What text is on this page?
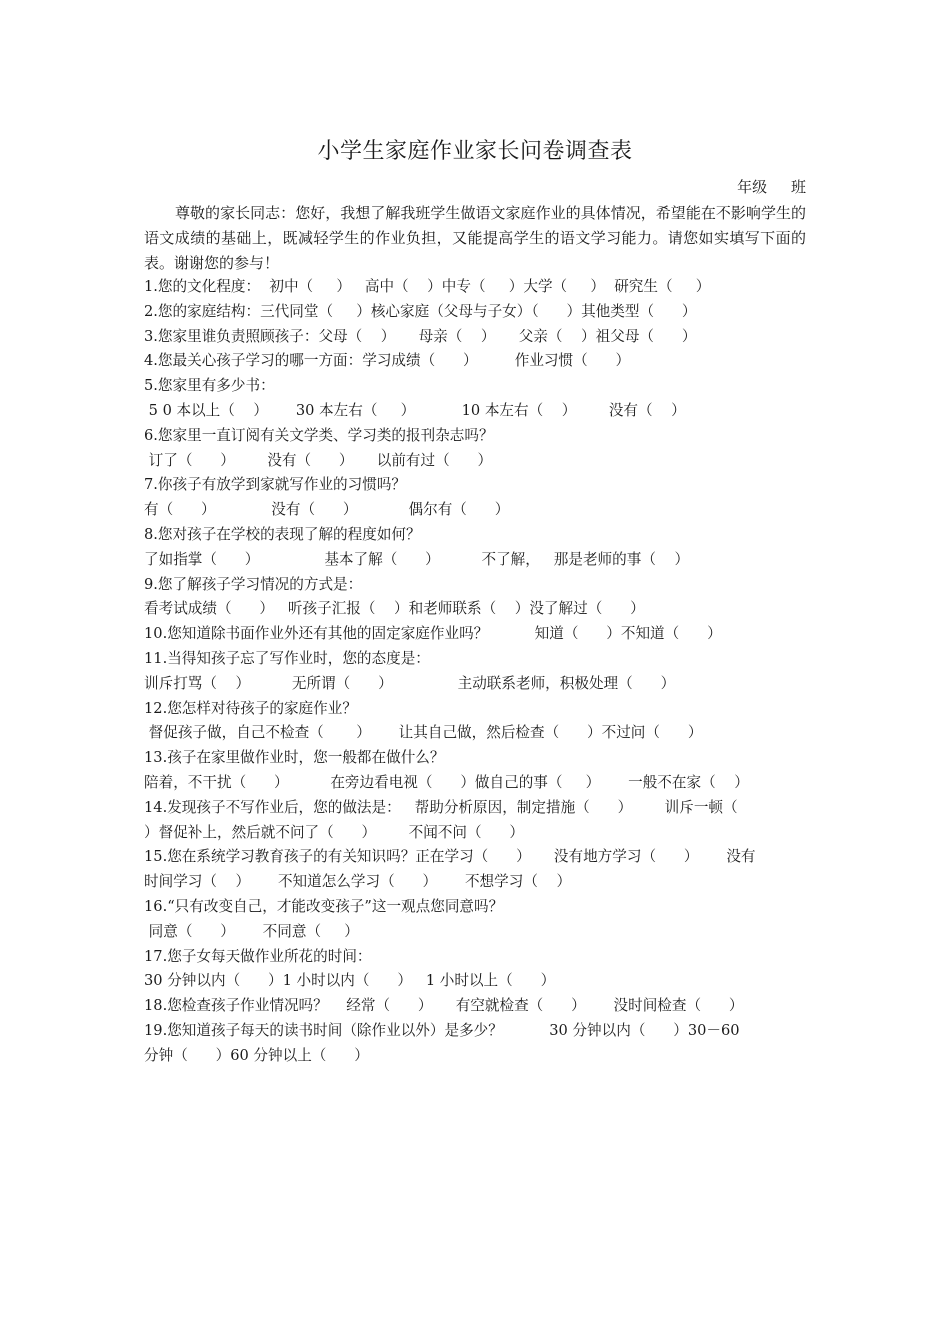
小学生家庭作业家长问卷调查表
年级     班
尊敬的家长同志：您好，我想了解我班学生做语文家庭作业的具体情况，希望能在不影响学生的语文成绩的基础上，既减轻学生的作业负担，又能提高学生的语文学习能力。请您如实填写下面的表。谢谢您的参与！
1.您的文化程度：  初中（     ）   高中（    ）中专（     ）大学（     ）  研究生（     ）
2.您的家庭结构：三代同堂（     ）核心家庭（父母与子女）（      ）其他类型（      ）
3.您家里谁负责照顾孩子：父母（    ）     母亲（    ）     父亲（    ）祖父母（      ）
4.您最关心孩子学习的哪一方面：学习成绩（      ）        作业习惯（      ）
5.您家里有多少书：
5 0 本以上（    ）      30 本左右（     ）          10 本左右（    ）       没有（    ）
6.您家里一直订阅有关文学类、学习类的报刊杂志吗？
订了（      ）       没有（      ）     以前有过（      ）
7.你孩子有放学到家就写作业的习惯吗？
有（      ）            没有（      ）           偶尔有（      ）
8.您对孩子在学校的表现了解的程度如何？
了如指掌（      ）              基本了解（      ）         不了解，   那是老师的事（    ）
9.您了解孩子学习情况的方式是：
看考试成绩（      ）   听孩子汇报（    ）和老师联系（    ）没了解过（      ）
10.您知道除书面作业外还有其他的固定家庭作业吗？          知道（      ）不知道（      ）
11.当得知孩子忘了写作业时，您的态度是：
训斥打骂（    ）         无所谓（      ）              主动联系老师，积极处理（      ）
12.您怎样对待孩子的家庭作业？
督促孩子做，自己不检查（       ）      让其自己做，然后检查（      ）不过问（      ）
13.孩子在家里做作业时，您一般都在做什么？
陪着，不干扰（      ）         在旁边看电视（      ）做自己的事（     ）      一般不在家（    ）
14.发现孩子不写作业后，您的做法是：   帮助分析原因，制定措施（      ）       训斥一顿（
）督促补上，然后就不问了（      ）       不闻不问（      ）
15.您在系统学习教育孩子的有关知识吗？正在学习（      ）     没有地方学习（      ）      没有
时间学习（    ）      不知道怎么学习（      ）      不想学习（    ）
16.“只有改变自己，才能改变孩子”这一观点您同意吗？
同意（      ）      不同意（     ）
17.您子女每天做作业所花的时间：
30 分钟以内（      ）1 小时以内（      ）   1 小时以上（      ）
18.您检查孩子作业情况吗？    经常（      ）     有空就检查（      ）      没时间检查（      ）
19.您知道孩子每天的读书时间（除作业以外）是多少？          30 分钟以内（      ）30－60
分钟（      ）60 分钟以上（      ）
